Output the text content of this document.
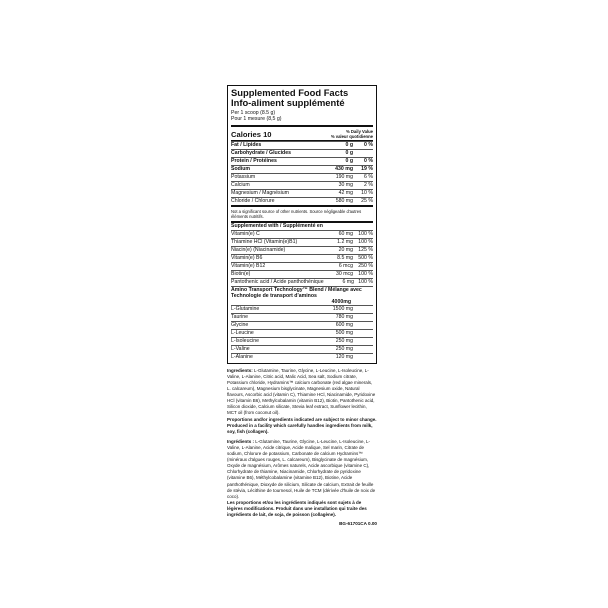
Supplemented Food Facts
Info-aliment supplémenté
Per 1 scoop (8.5 g)
Pour 1 mesure (8,5 g)
Calories 10	% Daily Value
% valeur quotidienne
Fat / Lipides	0 g	0 %
Carbohydrate / Glucides	0 g
Protein / Protéines	0 g	0 %
Sodium	430 mg	19 %
Potassium	190 mg	6 %
Calcium	30 mg	2 %
Magnesium / Magnésium	42 mg	10 %
Chloride / Chlorure	580 mg	25 %
Not a significant source of other nutrients. Source négligeable d'autres éléments nutritifs.
Supplemented with / Supplémenté en
Vitamin(e) C	60 mg	100 %
Thiamine HCl (Vitamin(e)B1)	1.2 mg	100 %
Niacin(e) (Niacinamide)	20 mg	125 %
Vitamin(e) B6	8.5 mg	500 %
Vitamin(e) B12	6 mcg	250 %
Biotin(e)	30 mcg	100 %
Pantothenic acid / Acide panthothénique	6 mg 100 %
Amino Transport Technology™ Blend / Mélange avec Technologie de transport d'aminos
4000mg
L-Glutamine	1500 mg
Taurine	780 mg
Glycine	600 mg
L-Leucine	500 mg
L-Isoleucine	250 mg
L-Valine	250 mg
L-Alanine	120 mg
Ingredients: L-Glutamine, Taurine, Glycine, L-Leucine, L-Isoleucine, L-Valine, L-Alanine, Citric acid, Malic Acid, Sea salt, Sodium citrate, Potassium chloride, Hydramins™ calcium carbonate (red algae minerals, L. calcareum), Magnesium bisglycinate, Magnesium oxide, Natural flavours, Ascorbic acid (vitamin C), Thiamine HCl, Niacinamide, Pyridoxine HCl (vitamin B6), Methylcobalamin (vitamin B12), Biotin, Pantothenic acid, Silicon dioxide, Calcium silicate, Stevia leaf extract, Sunflower lecithin, MCT oil (from coconut oil).
Proportions and/or ingredients indicated are subject to minor change. Produced in a facility which carefully handles ingredients from milk, soy, fish (collagen).
Ingrédients : L-Glutamine, Taurine, Glycine, L-Leucine, L-Isoleucine, L-Valine, L-Alanine, Acide citrique, Acide malique, Sel marin, Citrate de sodium, Chlorure de potassium, Carbonate de calcium Hydramins™ (minéraux d'algues rouges, L. calcareum), Bisglycinate de magnésium, Oxyde de magnésium, Arômes naturels, Acide ascorbique (vitamine C), Chlorhydrate de thiamine, Niacinamide, Chlorhydrate de pyridoxine (vitamine B6), Méthylcobalamine (vitamine B12), Biotine, Acide panthothénique, Dioxyde de silicium, Silicate de calcium, Extrait de feuille de stévia, Lécithine de tournesol, Huile de TCM (dérivée d'huile de noix de coco).
Les proportions et/ou les ingrédients indiqués sont sujets à de légères modifications. Produit dans une installation qui traite des ingrédients de lait, de soja, de poisson (collagène).
BG-61701CA 0.00
